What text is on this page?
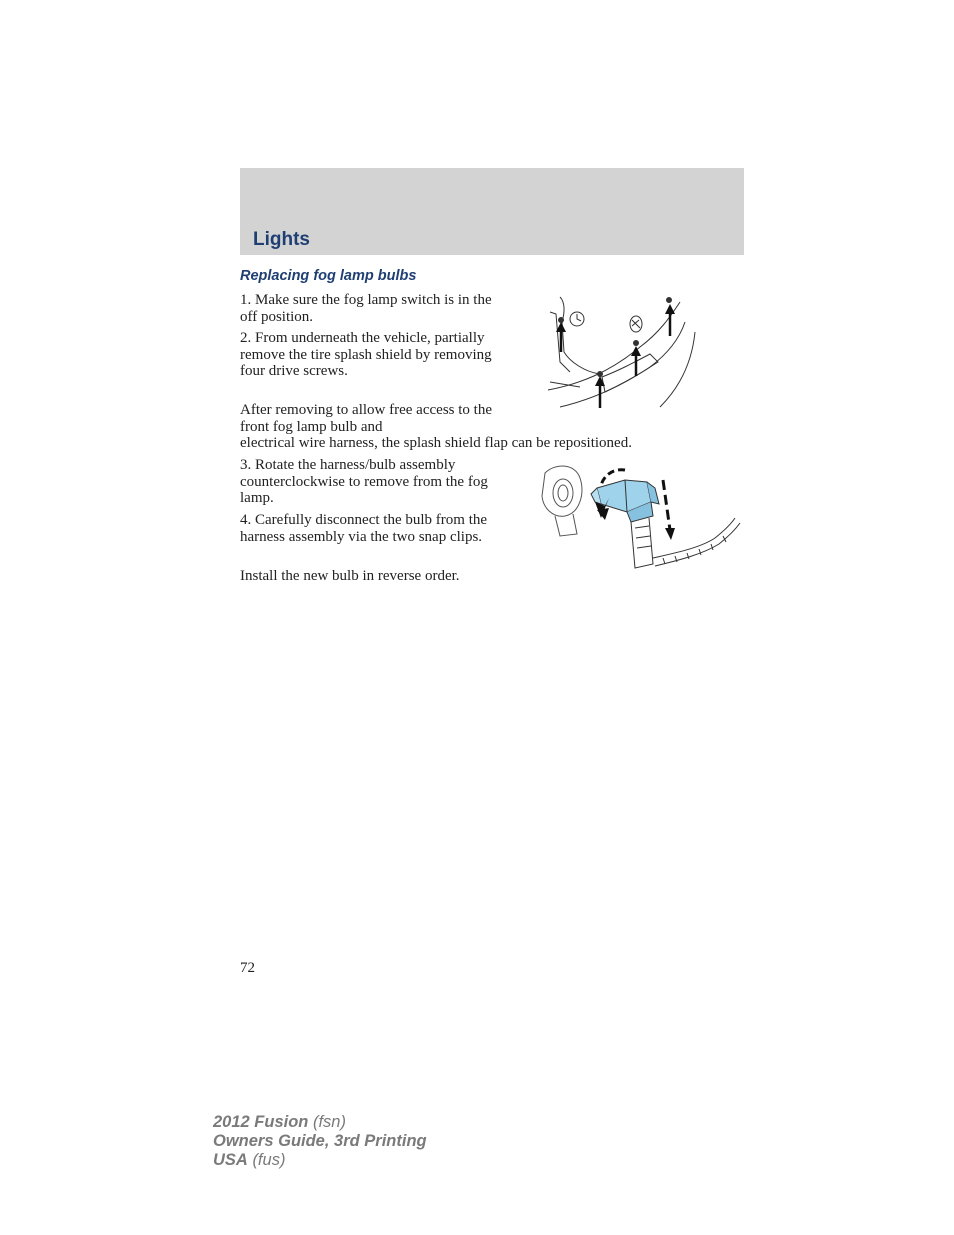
Lights
Replacing fog lamp bulbs

1. Make sure the fog lamp switch is in the off position.

2. From underneath the vehicle, partially remove the tire splash shield by removing four drive screws.

After removing to allow free access to the front fog lamp bulb and

electrical wire harness, the splash shield flap can be repositioned.

3. Rotate the harness/bulb assembly counterclockwise to remove from the fog lamp.

4. Carefully disconnect the bulb from the harness assembly via the two snap clips.

Install the new bulb in reverse order.

72
2012 Fusion (fsn)
Owners Guide, 3rd Printing
USA (fus)
